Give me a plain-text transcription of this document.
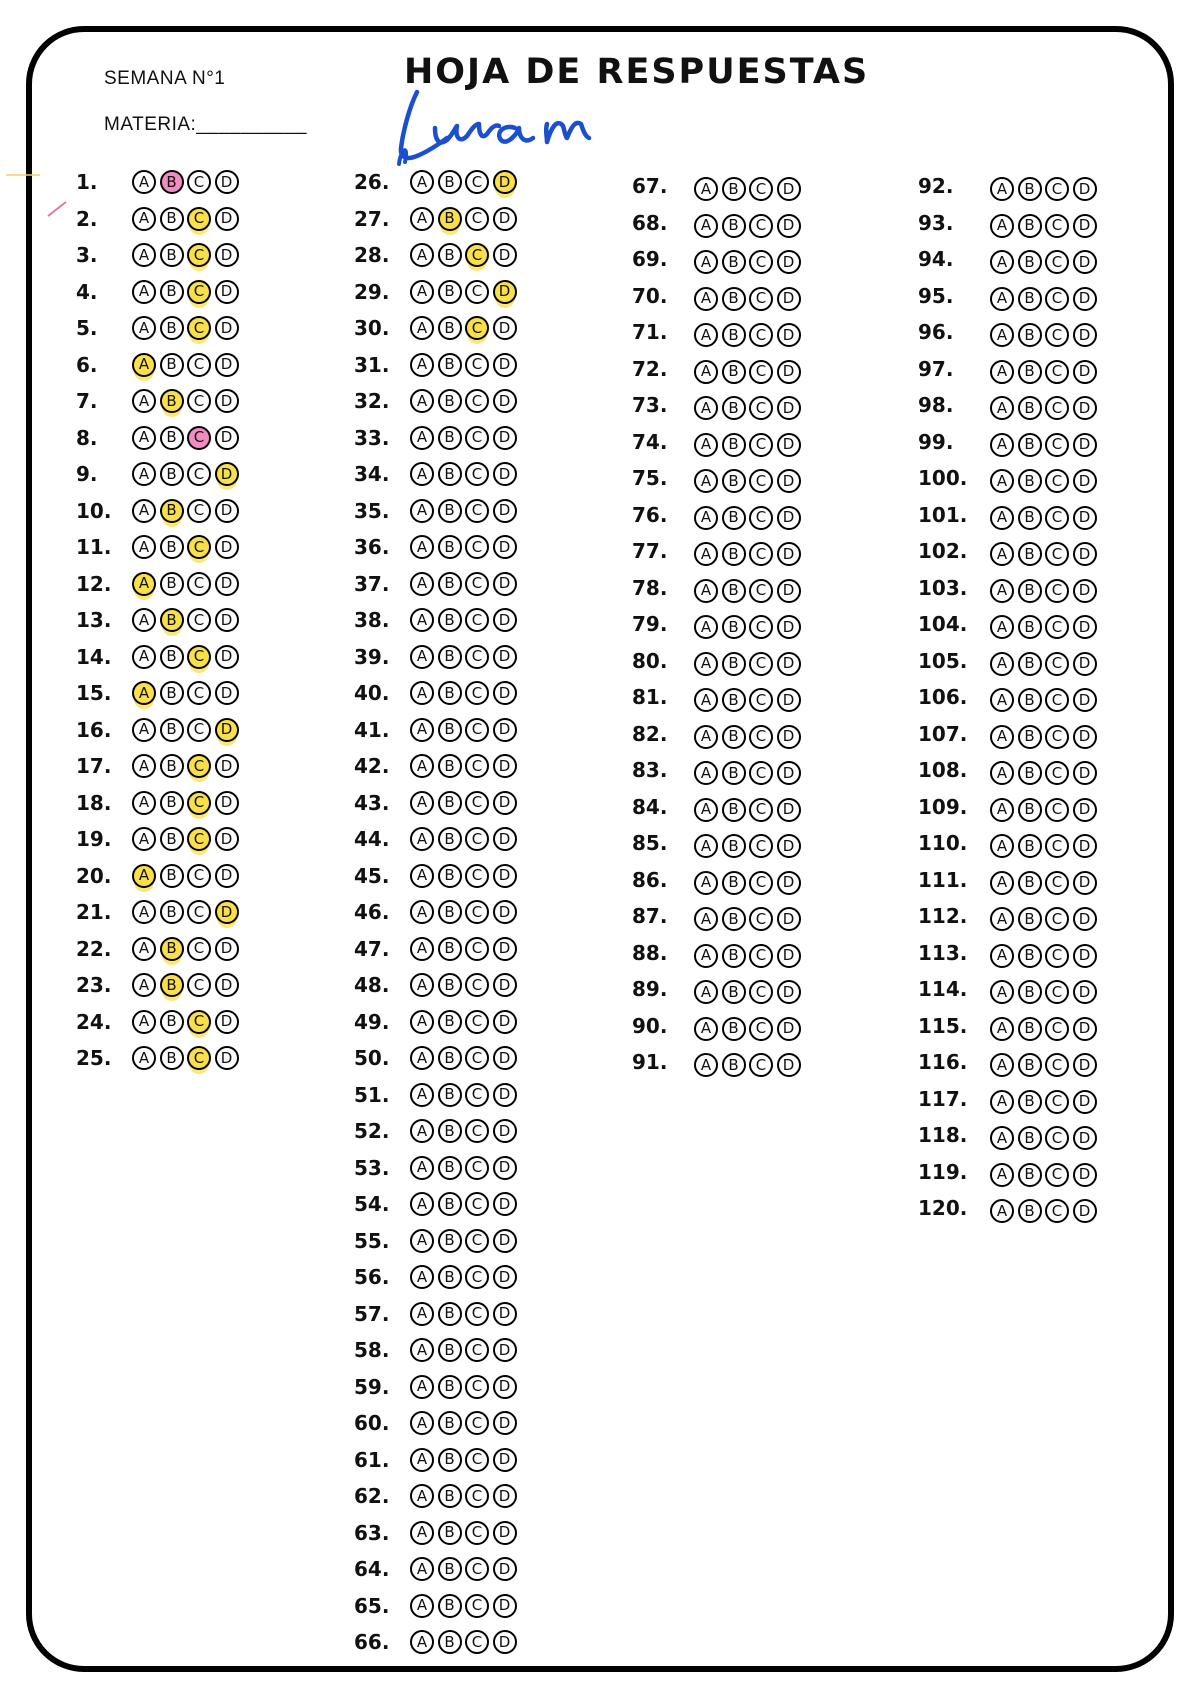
SEMANA N°1
MATERIA:__________
HOJA DE RESPUESTAS
1.	A	B	C	D
2.	A	B	C	D
3.	A	B	C	D
4.	A	B	C	D
5.	A	B	C	D
6.	A	B	C	D
7.	A	B	C	D
8.	A	B	C	D
9.	A	B	C	D
10.	A	B	C	D
11.	A	B	C	D
12.	A	B	C	D
13.	A	B	C	D
14.	A	B	C	D
15.	A	B	C	D
16.	A	B	C	D
17.	A	B	C	D
18.	A	B	C	D
19.	A	B	C	D
20.	A	B	C	D
21.	A	B	C	D
22.	A	B	C	D
23.	A	B	C	D
24.	A	B	C	D
25.	A	B	C	D
26.	A	B	C	D
27.	A	B	C	D
28.	A	B	C	D
29.	A	B	C	D
30.	A	B	C	D
31.	A	B	C	D
32.	A	B	C	D
33.	A	B	C	D
34.	A	B	C	D
35.	A	B	C	D
36.	A	B	C	D
37.	A	B	C	D
38.	A	B	C	D
39.	A	B	C	D
40.	A	B	C	D
41.	A	B	C	D
42.	A	B	C	D
43.	A	B	C	D
44.	A	B	C	D
45.	A	B	C	D
46.	A	B	C	D
47.	A	B	C	D
48.	A	B	C	D
49.	A	B	C	D
50.	A	B	C	D
51.	A	B	C	D
52.	A	B	C	D
53.	A	B	C	D
54.	A	B	C	D
55.	A	B	C	D
56.	A	B	C	D
57.	A	B	C	D
58.	A	B	C	D
59.	A	B	C	D
60.	A	B	C	D
61.	A	B	C	D
62.	A	B	C	D
63.	A	B	C	D
64.	A	B	C	D
65.	A	B	C	D
66.	A	B	C	D
67.	A	B	C	D
68.	A	B	C	D
69.	A	B	C	D
70.	A	B	C	D
71.	A	B	C	D
72.	A	B	C	D
73.	A	B	C	D
74.	A	B	C	D
75.	A	B	C	D
76.	A	B	C	D
77.	A	B	C	D
78.	A	B	C	D
79.	A	B	C	D
80.	A	B	C	D
81.	A	B	C	D
82.	A	B	C	D
83.	A	B	C	D
84.	A	B	C	D
85.	A	B	C	D
86.	A	B	C	D
87.	A	B	C	D
88.	A	B	C	D
89.	A	B	C	D
90.	A	B	C	D
91.	A	B	C	D
92.	A	B	C	D
93.	A	B	C	D
94.	A	B	C	D
95.	A	B	C	D
96.	A	B	C	D
97.	A	B	C	D
98.	A	B	C	D
99.	A	B	C	D
100.	A	B	C	D
101.	A	B	C	D
102.	A	B	C	D
103.	A	B	C	D
104.	A	B	C	D
105.	A	B	C	D
106.	A	B	C	D
107.	A	B	C	D
108.	A	B	C	D
109.	A	B	C	D
110.	A	B	C	D
111.	A	B	C	D
112.	A	B	C	D
113.	A	B	C	D
114.	A	B	C	D
115.	A	B	C	D
116.	A	B	C	D
117.	A	B	C	D
118.	A	B	C	D
119.	A	B	C	D
120.	A	B	C	D
